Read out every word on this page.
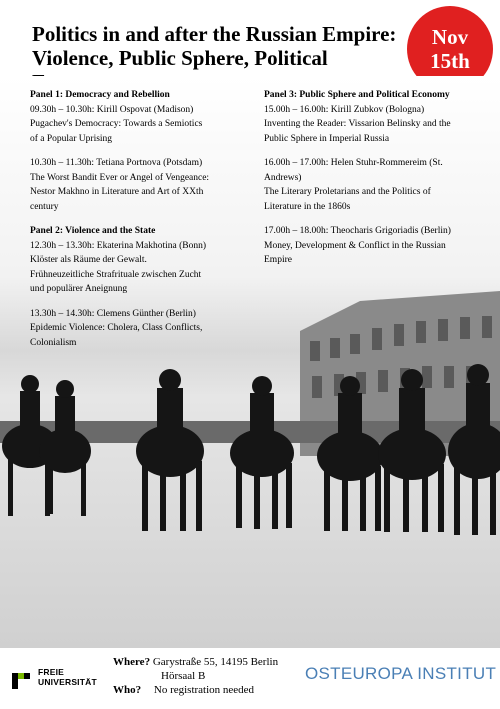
Politics in and after the Russian Empire:
Violence, Public Sphere, Political
Nov
15th
Panel 1: Democracy and Rebellion
09.30h – 10.30h: Kirill Ospovat (Madison)
Pugachev's Democracy: Towards a Semiotics
of a Popular Uprising
10.30h – 11.30h: Tetiana Portnova (Potsdam)
The Worst Bandit Ever or Angel of Vengeance:
Nestor Makhno in Literature and Art of XXth
century
Panel 2: Violence and the State
12.30h – 13.30h: Ekaterina Makhotina (Bonn)
Klöster als Räume der Gewalt.
Frühneuzeitliche Strafrituale zwischen Zucht
und populärer Aneignung
13.30h – 14.30h: Clemens Günther (Berlin)
Epidemic Violence: Cholera, Class Conflicts,
Colonialism
Panel 3: Public Sphere and Political Economy
15.00h – 16.00h: Kirill Zubkov (Bologna)
Inventing the Reader: Vissarion Belinsky and the
Public Sphere in Imperial Russia
16.00h – 17.00h: Helen Stuhr-Rommereim (St.
Andrews)
The Literary Proletarians and the Politics of
Literature in the 1860s
17.00h – 18.00h: Theocharis Grigoriadis (Berlin)
Money, Development & Conflict in the Russian
Empire
FREIE
UNIVERSITÄT
Where? Garystraße 55, 14195 Berlin
Hörsaal B
Who? No registration needed
OSTEUROPA INSTITUT
